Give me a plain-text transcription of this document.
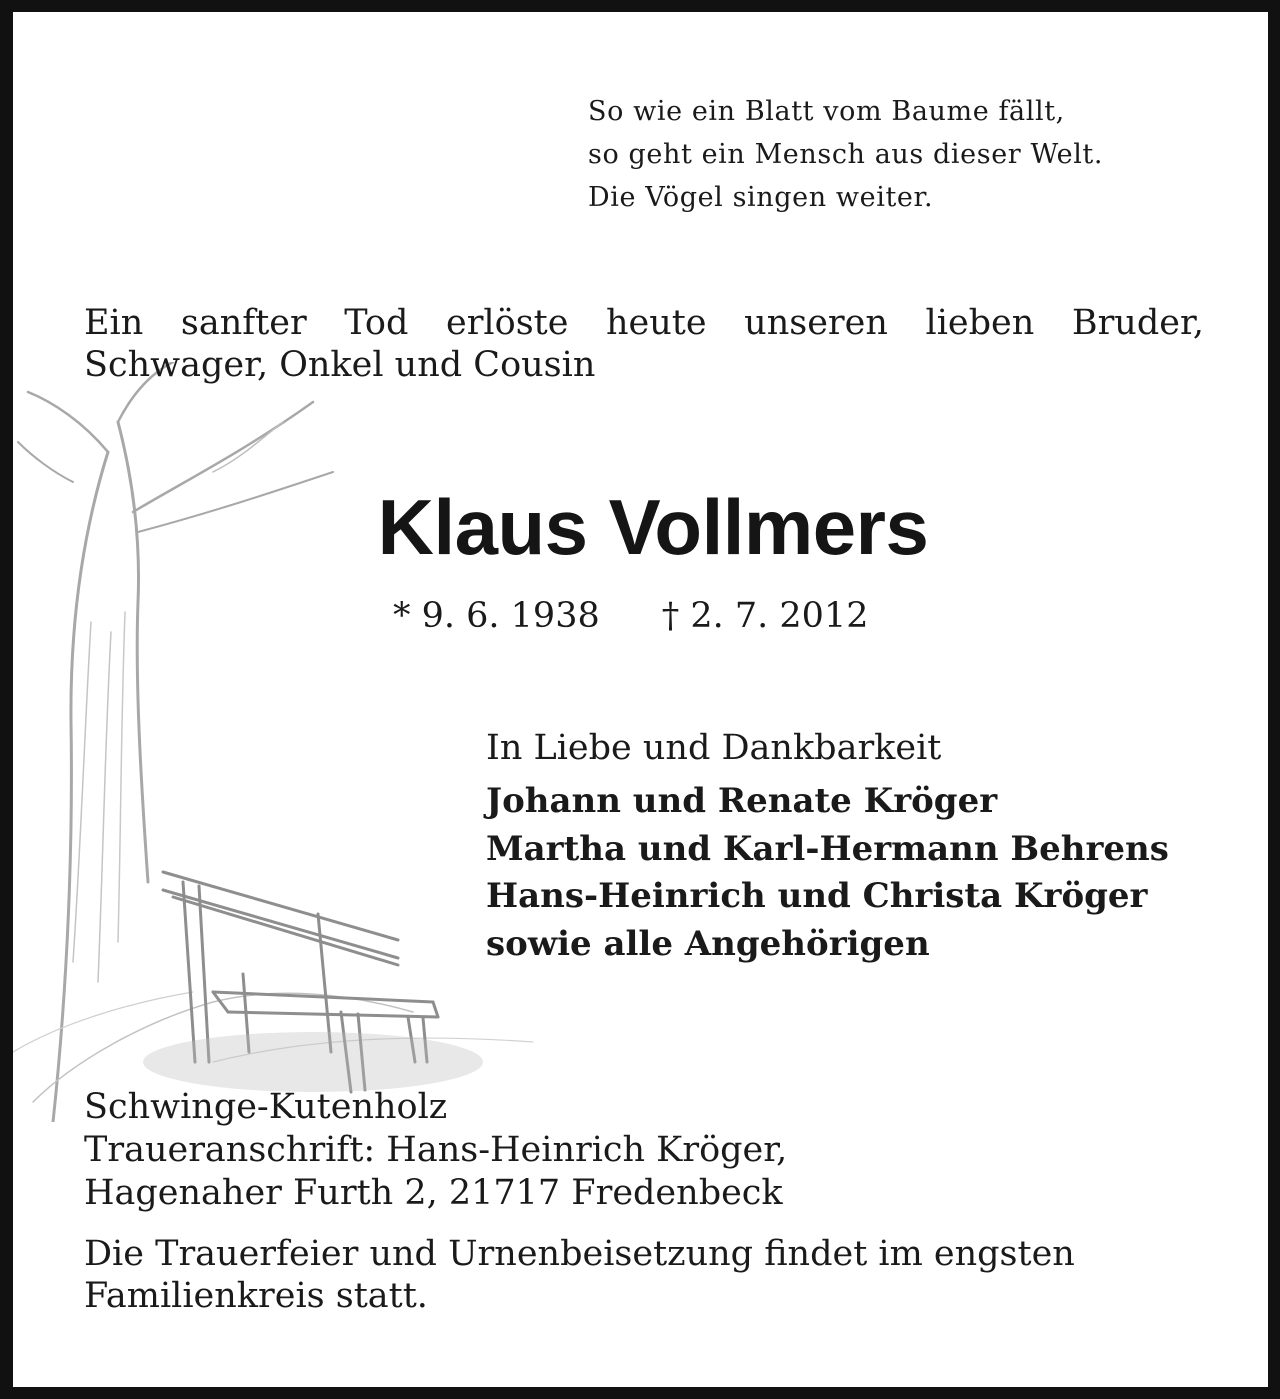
So wie ein Blatt vom Baume fällt,
so geht ein Mensch aus dieser Welt.
Die Vögel singen weiter.
Ein sanfter Tod erlöste heute unseren lieben Bruder,
Schwager, Onkel und Cousin
Klaus Vollmers
* 9. 6. 1938 † 2. 7. 2012
In Liebe und Dankbarkeit
Johann und Renate Kröger
Martha und Karl-Hermann Behrens
Hans-Heinrich und Christa Kröger
sowie alle Angehörigen
Schwinge-Kutenholz
Traueranschrift: Hans-Heinrich Kröger,
Hagenaher Furth 2, 21717 Fredenbeck
Die Trauerfeier und Urnenbeisetzung findet im engsten
Familienkreis statt.
